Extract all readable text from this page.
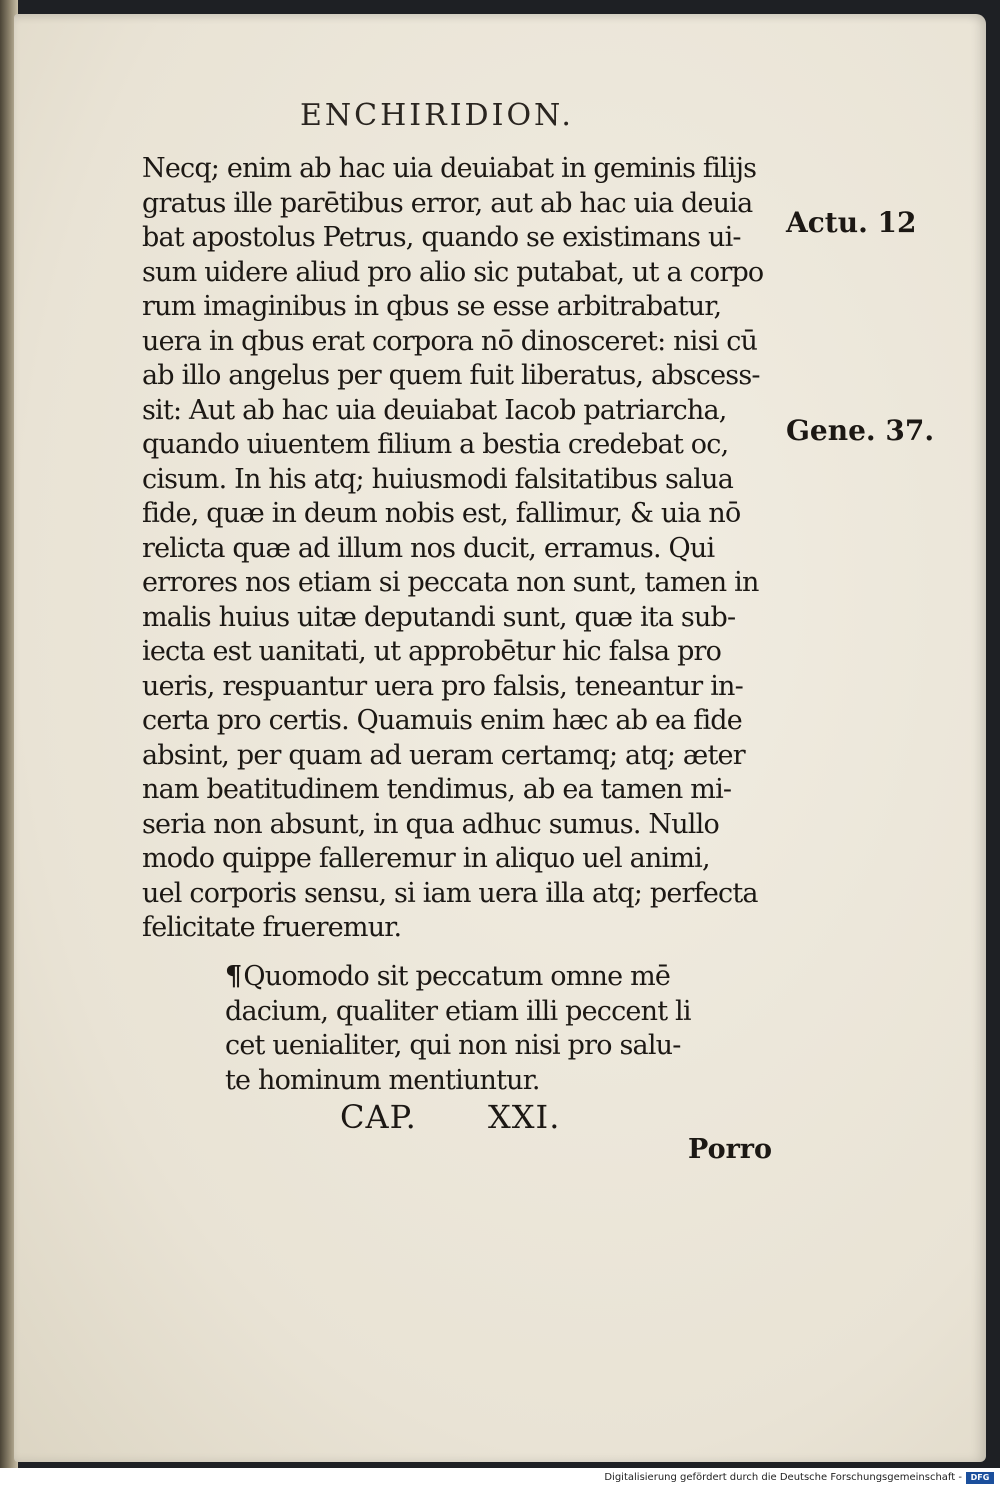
ENCHIRIDION.
Necq; enim ab hac uia deuiabat in geminis filijs
gratus ille parētibus error, aut ab hac uia deuia
bat apostolus Petrus, quando se existimans ui-
sum uidere aliud pro alio sic putabat, ut a corpo
rum imaginibus in qbus se esse arbitrabatur,
uera in qbus erat corpora nō dinosceret: nisi cū
ab illo angelus per quem fuit liberatus, abscess-
sit: Aut ab hac uia deuiabat Iacob patriarcha,
quando uiuentem filium a bestia credebat oc,
cisum. In his atq; huiusmodi falsitatibus salua
fide, quæ in deum nobis est, fallimur, & uia nō
relicta quæ ad illum nos ducit, erramus. Qui
errores nos etiam si peccata non sunt, tamen in
malis huius uitæ deputandi sunt, quæ ita sub-
iecta est uanitati, ut approbētur hic falsa pro
ueris, respuantur uera pro falsis, teneantur in-
certa pro certis. Quamuis enim hæc ab ea fide
absint, per quam ad ueram certamq; atq; æter
nam beatitudinem tendimus, ab ea tamen mi-
seria non absunt, in qua adhuc sumus. Nullo
modo quippe falleremur in aliquo uel animi,
uel corporis sensu, si iam uera illa atq; perfecta
felicitate frueremur.
Actu. 12
Gene. 37.
¶Quomodo sit peccatum omne mē
dacium, qualiter etiam illi peccent li
cet uenialiter, qui non nisi pro salu-
te hominum mentiuntur.
CAP. XXI.
Porro
Digitalisierung gefördert durch die Deutsche Forschungsgemeinschaft -	DFG
